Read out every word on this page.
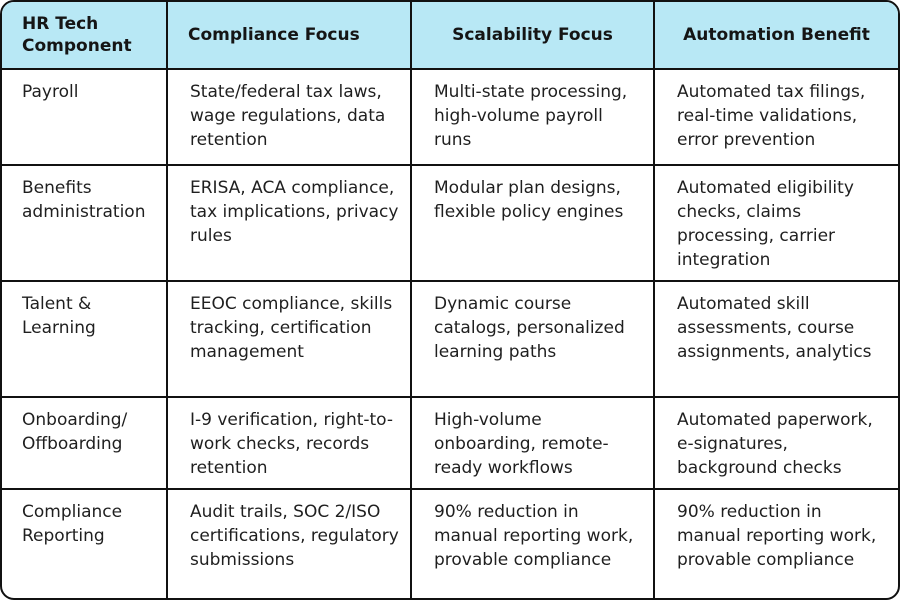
HR Tech Component	Compliance Focus	Scalability Focus	Automation Benefit
Payroll	State/federal tax laws, wage regulations, data retention	Multi-state processing, high-volume payroll runs	Automated tax filings, real-time validations, error prevention
Benefits administration	ERISA, ACA compliance, tax implications, privacy rules	Modular plan designs, flexible policy engines	Automated eligibility checks, claims processing, carrier integration
Talent & Learning	EEOC compliance, skills tracking, certification management	Dynamic course catalogs, personalized learning paths	Automated skill assessments, course assignments, analytics
Onboarding/ Offboarding	I-9 verification, right-to-work checks, records retention	High-volume onboarding, remote-ready workflows	Automated paperwork, e-signatures, background checks
Compliance Reporting	Audit trails, SOC 2/ISO certifications, regulatory submissions	90% reduction in manual reporting work, provable compliance	90% reduction in manual reporting work, provable compliance
